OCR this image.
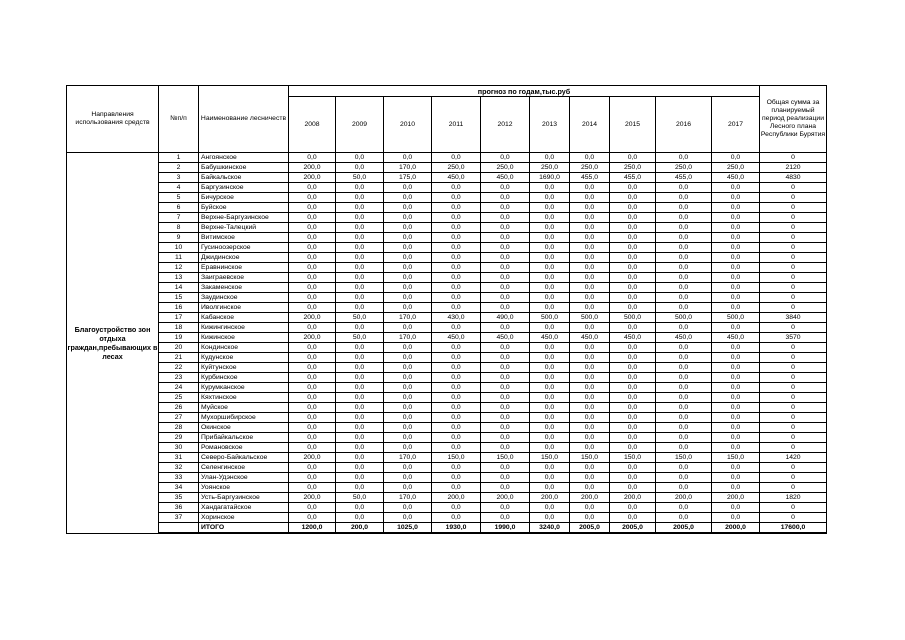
Направления использования средств	№п/п	Наименование лесничеств	прогноз по годам,тыс.руб										Общая сумма за планируемый период реализации Лесного плана Республики Бурятия
			2008	2009	2010	2011	2012	2013	2014	2015	2016	2017	
Благоустройство зон отдыха граждан,пребывающих в лесах	1	Ангоянское	0,0	0,0	0,0	0,0	0,0	0,0	0,0	0,0	0,0	0,0	0
	2	Бабушкинское	200,0	0,0	170,0	250,0	250,0	250,0	250,0	250,0	250,0	250,0	2120
	3	Байкальское	200,0	50,0	175,0	450,0	450,0	1690,0	455,0	455,0	455,0	450,0	4830
	4	Баргузинское	0,0	0,0	0,0	0,0	0,0	0,0	0,0	0,0	0,0	0,0	0
	5	Бичурское	0,0	0,0	0,0	0,0	0,0	0,0	0,0	0,0	0,0	0,0	0
	6	Буйское	0,0	0,0	0,0	0,0	0,0	0,0	0,0	0,0	0,0	0,0	0
	7	Верхне-Баргузинское	0,0	0,0	0,0	0,0	0,0	0,0	0,0	0,0	0,0	0,0	0
	8	Верхне-Талецкий	0,0	0,0	0,0	0,0	0,0	0,0	0,0	0,0	0,0	0,0	0
	9	Витимское	0,0	0,0	0,0	0,0	0,0	0,0	0,0	0,0	0,0	0,0	0
	10	Гусиноозерское	0,0	0,0	0,0	0,0	0,0	0,0	0,0	0,0	0,0	0,0	0
	11	Джидинское	0,0	0,0	0,0	0,0	0,0	0,0	0,0	0,0	0,0	0,0	0
	12	Еравнинское	0,0	0,0	0,0	0,0	0,0	0,0	0,0	0,0	0,0	0,0	0
	13	Заиграевское	0,0	0,0	0,0	0,0	0,0	0,0	0,0	0,0	0,0	0,0	0
	14	Закаменское	0,0	0,0	0,0	0,0	0,0	0,0	0,0	0,0	0,0	0,0	0
	15	Заудинское	0,0	0,0	0,0	0,0	0,0	0,0	0,0	0,0	0,0	0,0	0
	16	Иволгинское	0,0	0,0	0,0	0,0	0,0	0,0	0,0	0,0	0,0	0,0	0
	17	Кабанское	200,0	50,0	170,0	430,0	490,0	500,0	500,0	500,0	500,0	500,0	3840
	18	Кижингинское	0,0	0,0	0,0	0,0	0,0	0,0	0,0	0,0	0,0	0,0	0
	19	Кижинское	200,0	50,0	170,0	450,0	450,0	450,0	450,0	450,0	450,0	450,0	3570
	20	Кондинское	0,0	0,0	0,0	0,0	0,0	0,0	0,0	0,0	0,0	0,0	0
	21	Кудунское	0,0	0,0	0,0	0,0	0,0	0,0	0,0	0,0	0,0	0,0	0
	22	Куйтунское	0,0	0,0	0,0	0,0	0,0	0,0	0,0	0,0	0,0	0,0	0
	23	Курбинское	0,0	0,0	0,0	0,0	0,0	0,0	0,0	0,0	0,0	0,0	0
	24	Курумканское	0,0	0,0	0,0	0,0	0,0	0,0	0,0	0,0	0,0	0,0	0
	25	Кяхтинское	0,0	0,0	0,0	0,0	0,0	0,0	0,0	0,0	0,0	0,0	0
	26	Муйское	0,0	0,0	0,0	0,0	0,0	0,0	0,0	0,0	0,0	0,0	0
	27	Мухоршибирское	0,0	0,0	0,0	0,0	0,0	0,0	0,0	0,0	0,0	0,0	0
	28	Окинское	0,0	0,0	0,0	0,0	0,0	0,0	0,0	0,0	0,0	0,0	0
	29	Прибайкальское	0,0	0,0	0,0	0,0	0,0	0,0	0,0	0,0	0,0	0,0	0
	30	Романовское	0,0	0,0	0,0	0,0	0,0	0,0	0,0	0,0	0,0	0,0	0
	31	Северо-Байкальское	200,0	0,0	170,0	150,0	150,0	150,0	150,0	150,0	150,0	150,0	1420
	32	Селенгинское	0,0	0,0	0,0	0,0	0,0	0,0	0,0	0,0	0,0	0,0	0
	33	Улан-Удэнское	0,0	0,0	0,0	0,0	0,0	0,0	0,0	0,0	0,0	0,0	0
	34	Уоянское	0,0	0,0	0,0	0,0	0,0	0,0	0,0	0,0	0,0	0,0	0
	35	Усть-Баргузинское	200,0	50,0	170,0	200,0	200,0	200,0	200,0	200,0	200,0	200,0	1820
	36	Хандагатайское	0,0	0,0	0,0	0,0	0,0	0,0	0,0	0,0	0,0	0,0	0
	37	Хоринское	0,0	0,0	0,0	0,0	0,0	0,0	0,0	0,0	0,0	0,0	0
		ИТОГО	1200,0	200,0	1025,0	1930,0	1990,0	3240,0	2005,0	2005,0	2005,0	2000,0	17600,0
